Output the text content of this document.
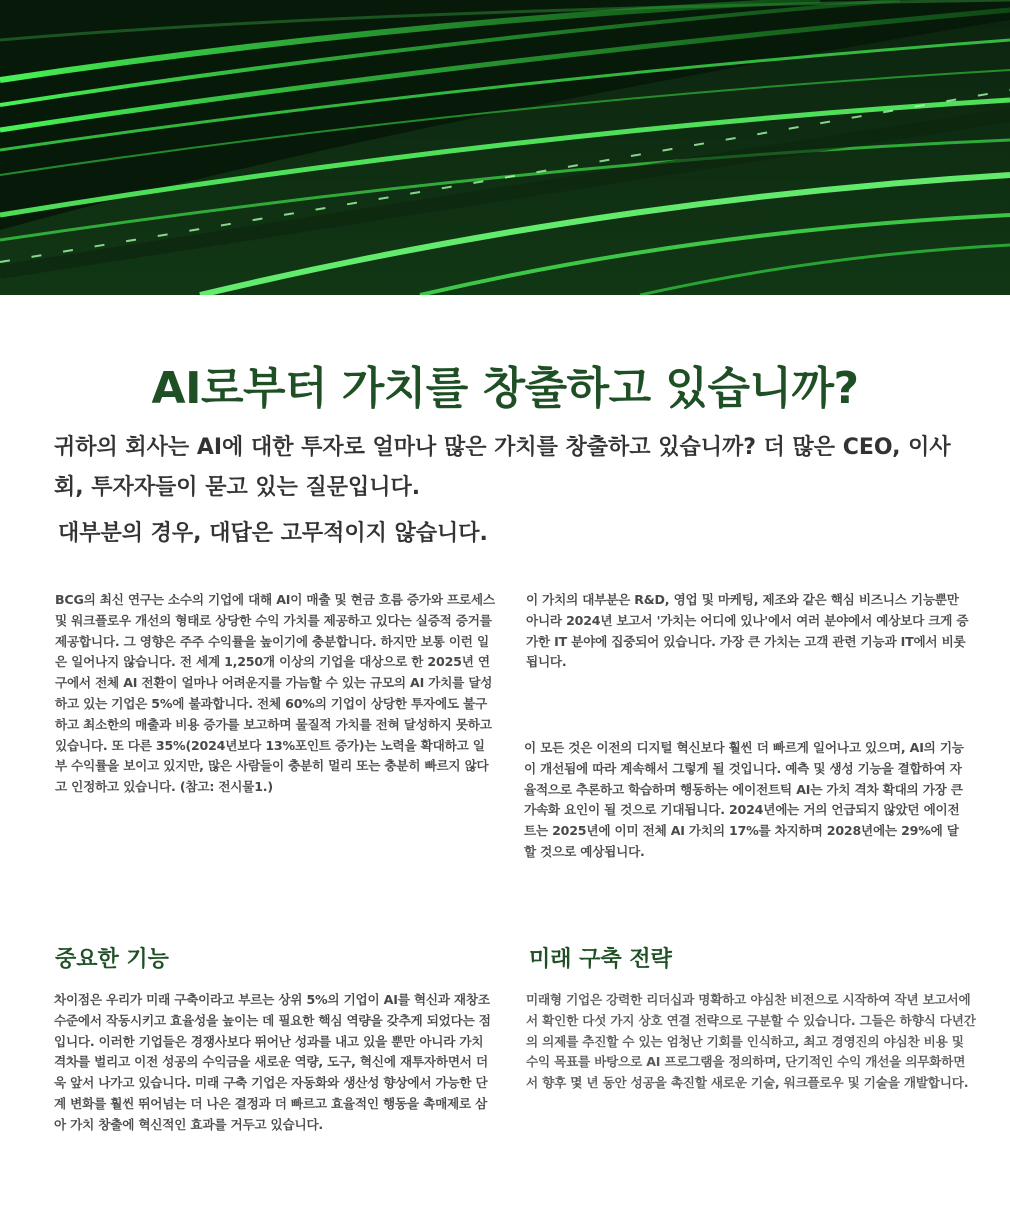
AI로부터 가치를 창출하고 있습니까?

귀하의 회사는 AI에 대한 투자로 얼마나 많은 가치를 창출하고 있습니까? 더 많은 CEO, 이사회, 투자자들이 묻고 있는 질문입니다.

대부분의 경우, 대답은 고무적이지 않습니다.

BCG의 최신 연구는 소수의 기업에 대해 AI이 매출 및 현금 흐름 증가와 프로세스 및 워크플로우 개선의 형태로 상당한 수익 가치를 제공하고 있다는 실증적 증거를 제공합니다. 그 영향은 주주 수익률을 높이기에 충분합니다. 하지만 보통 이런 일은 일어나지 않습니다. 전 세계 1,250개 이상의 기업을 대상으로 한 2025년 연구에서 전체 AI 전환이 얼마나 어려운지를 가늠할 수 있는 규모의 AI 가치를 달성하고 있는 기업은 5%에 불과합니다. 전체 60%의 기업이 상당한 투자에도 불구하고 최소한의 매출과 비용 증가를 보고하며 물질적 가치를 전혀 달성하지 못하고 있습니다. 또 다른 35%(2024년보다 13%포인트 증가)는 노력을 확대하고 일부 수익률을 보이고 있지만, 많은 사람들이 충분히 멀리 또는 충분히 빠르지 않다고 인정하고 있습니다. (참고: 전시물1.)

이 가치의 대부분은 R&D, 영업 및 마케팅, 제조와 같은 핵심 비즈니스 기능뿐만 아니라 2024년 보고서 '가치는 어디에 있나'에서 여러 분야에서 예상보다 크게 증가한 IT 분야에 집중되어 있습니다. 가장 큰 가치는 고객 관련 기능과 IT에서 비롯됩니다.

이 모든 것은 이전의 디지털 혁신보다 훨씬 더 빠르게 일어나고 있으며, AI의 기능이 개선됨에 따라 계속해서 그렇게 될 것입니다. 예측 및 생성 기능을 결합하여 자율적으로 추론하고 학습하며 행동하는 에이전트틱 AI는 가치 격차 확대의 가장 큰 가속화 요인이 될 것으로 기대됩니다. 2024년에는 거의 언급되지 않았던 에이전트는 2025년에 이미 전체 AI 가치의 17%를 차지하며 2028년에는 29%에 달할 것으로 예상됩니다.

중요한 기능	미래 구축 전략

차이점은 우리가 미래 구축이라고 부르는 상위 5%의 기업이 AI를 혁신과 재창조 수준에서 작동시키고 효율성을 높이는 데 필요한 핵심 역량을 갖추게 되었다는 점입니다. 이러한 기업들은 경쟁사보다 뛰어난 성과를 내고 있을 뿐만 아니라 가치 격차를 벌리고 이전 성공의 수익금을 새로운 역량, 도구, 혁신에 재투자하면서 더욱 앞서 나가고 있습니다. 미래 구축 기업은 자동화와 생산성 향상에서 가능한 단계 변화를 훨씬 뛰어넘는 더 나은 결정과 더 빠르고 효율적인 행동을 촉매제로 삼아 가치 창출에 혁신적인 효과를 거두고 있습니다.

미래형 기업은 강력한 리더십과 명확하고 야심찬 비전으로 시작하여 작년 보고서에서 확인한 다섯 가지 상호 연결 전략으로 구분할 수 있습니다. 그들은 하향식 다년간의 의제를 추진할 수 있는 엄청난 기회를 인식하고, 최고 경영진의 야심찬 비용 및 수익 목표를 바탕으로 AI 프로그램을 정의하며, 단기적인 수익 개선을 의무화하면서 향후 몇 년 동안 성공을 촉진할 새로운 기술, 워크플로우 및 기술을 개발합니다.
